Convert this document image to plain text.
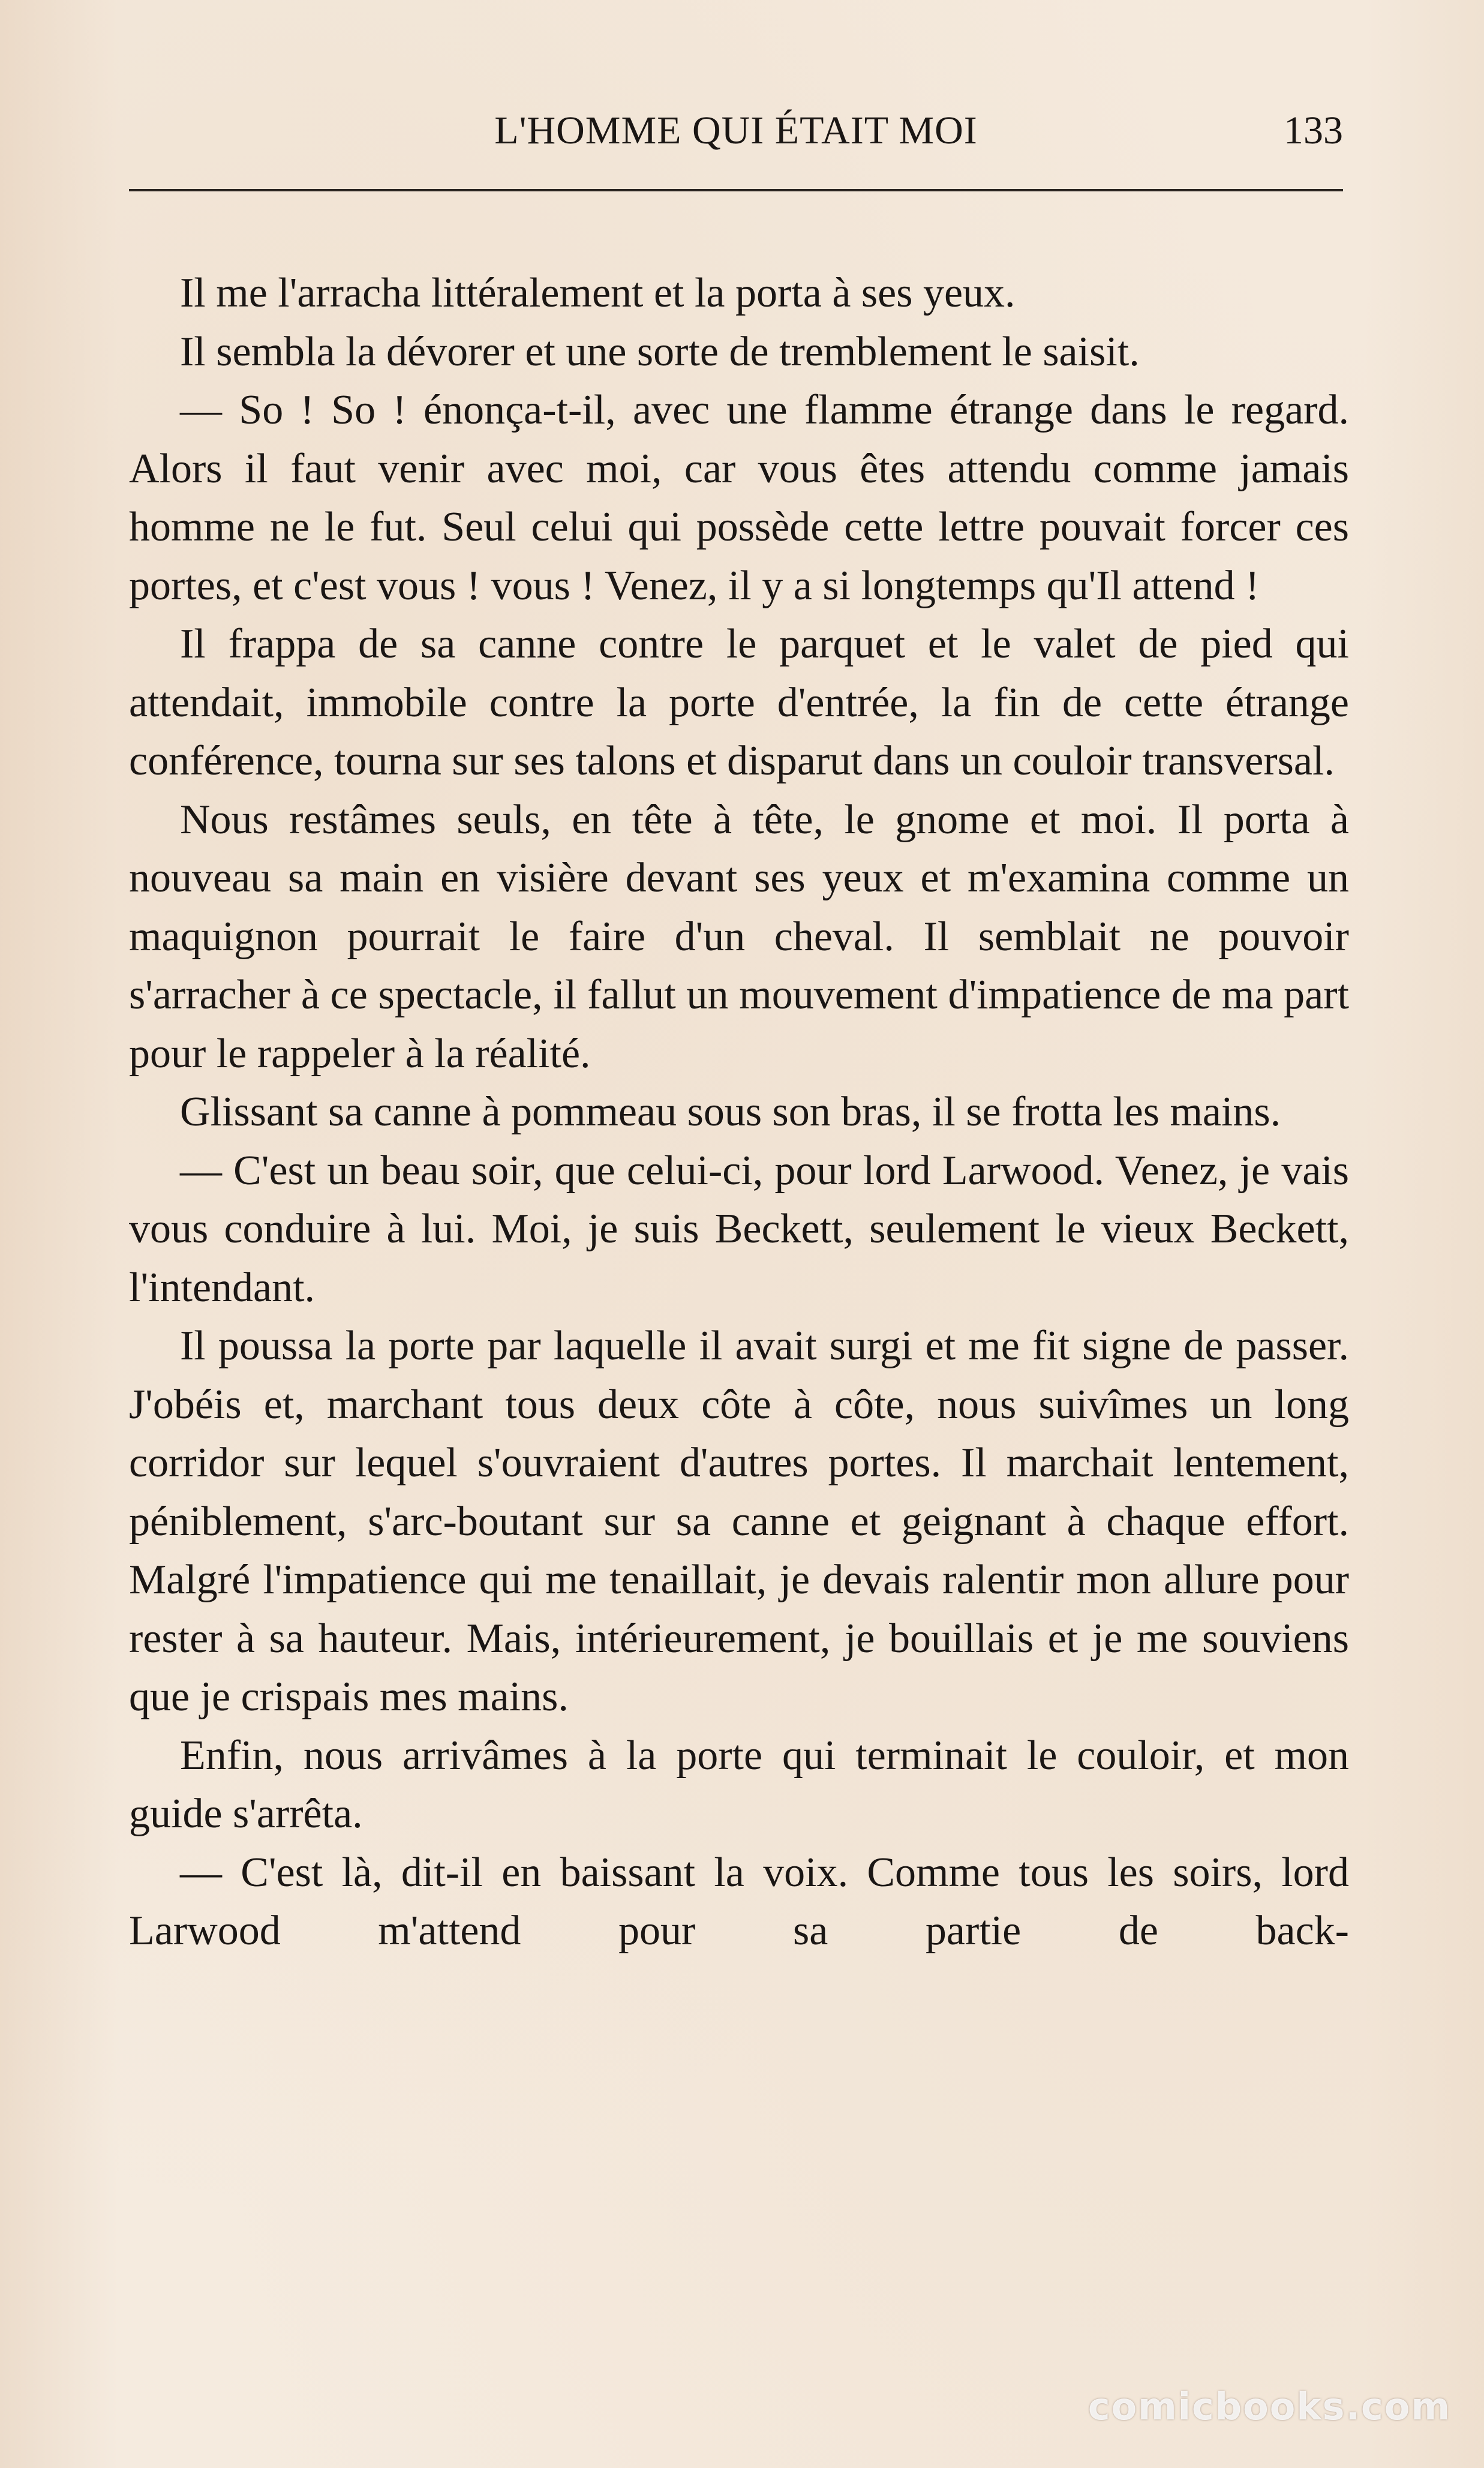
L'HOMME QUI ÉTAIT MOI	133

Il me l'arracha littéralement et la porta à ses yeux.

Il sembla la dévorer et une sorte de tremblement le saisit.

— So ! So ! énonça-t-il, avec une flamme étrange dans le regard. Alors il faut venir avec moi, car vous êtes attendu comme jamais homme ne le fut. Seul celui qui possède cette lettre pouvait forcer ces portes, et c'est vous ! vous ! Venez, il y a si longtemps qu'Il attend !

Il frappa de sa canne contre le parquet et le valet de pied qui attendait, immobile contre la porte d'entrée, la fin de cette étrange conférence, tourna sur ses talons et disparut dans un couloir transversal.

Nous restâmes seuls, en tête à tête, le gnome et moi. Il porta à nouveau sa main en visière devant ses yeux et m'examina comme un maquignon pourrait le faire d'un cheval. Il semblait ne pouvoir s'arracher à ce spectacle, il fallut un mouvement d'impatience de ma part pour le rappeler à la réalité.

Glissant sa canne à pommeau sous son bras, il se frotta les mains.

— C'est un beau soir, que celui-ci, pour lord Larwood. Venez, je vais vous conduire à lui. Moi, je suis Beckett, seulement le vieux Beckett, l'intendant.

Il poussa la porte par laquelle il avait surgi et me fit signe de passer. J'obéis et, marchant tous deux côte à côte, nous suivîmes un long corridor sur lequel s'ouvraient d'autres portes. Il marchait lentement, péniblement, s'arc-boutant sur sa canne et geignant à chaque effort. Malgré l'impatience qui me tenaillait, je devais ralentir mon allure pour rester à sa hauteur. Mais, intérieurement, je bouillais et je me souviens que je crispais mes mains.

Enfin, nous arrivâmes à la porte qui terminait le couloir, et mon guide s'arrêta.

— C'est là, dit-il en baissant la voix. Comme tous les soirs, lord Larwood m'attend pour sa partie de back-

comicbooks.com
